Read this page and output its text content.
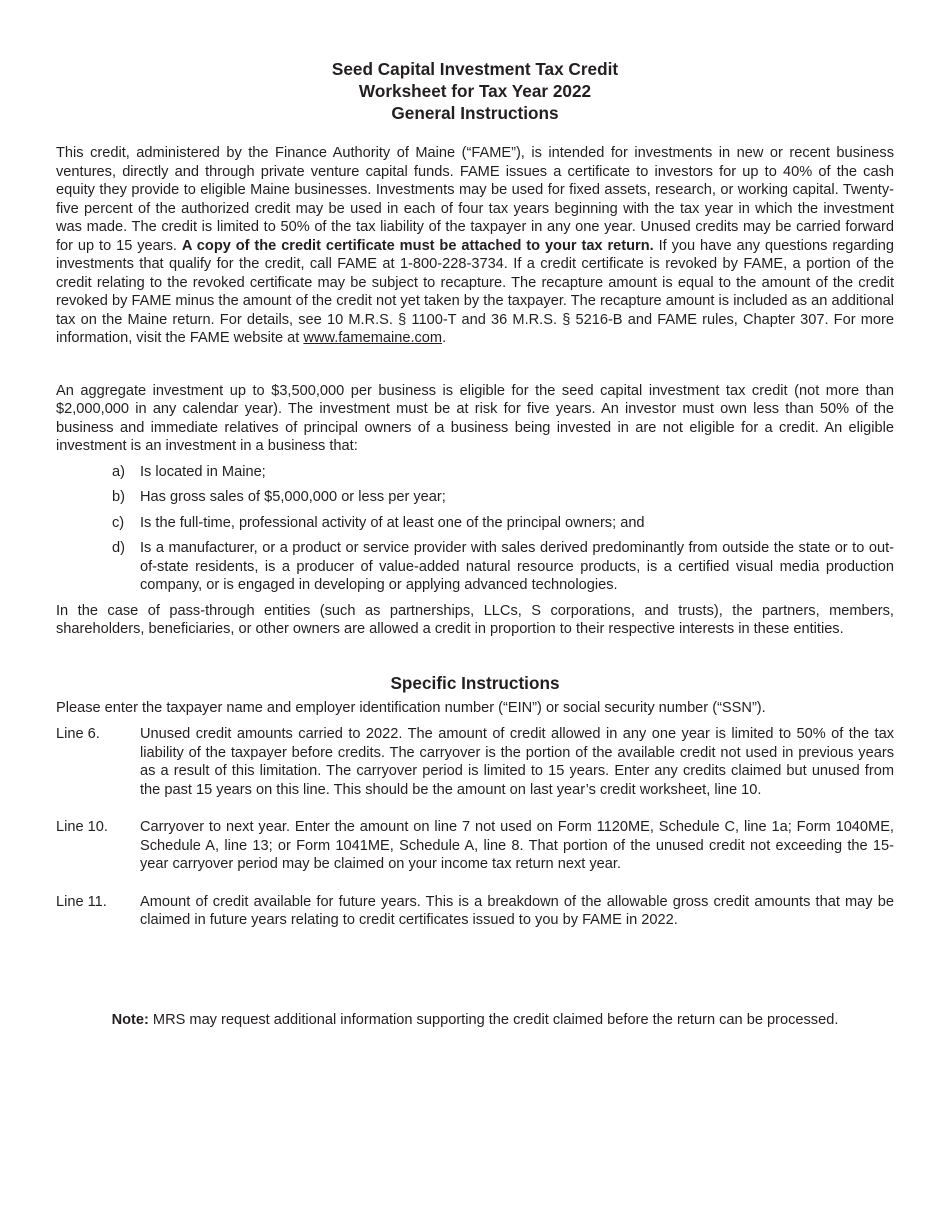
Seed Capital Investment Tax Credit
Worksheet for Tax Year 2022
General Instructions

This credit, administered by the Finance Authority of Maine (“FAME”), is intended for investments in new or recent business ventures, directly and through private venture capital funds. FAME issues a certificate to investors for up to 40% of the cash equity they provide to eligible Maine businesses. Investments may be used for fixed assets, research, or working capital. Twenty-five percent of the authorized credit may be used in each of four tax years beginning with the tax year in which the investment was made. The credit is limited to 50% of the tax liability of the taxpayer in any one year. Unused credits may be carried forward for up to 15 years. A copy of the credit certificate must be attached to your tax return. If you have any questions regarding investments that qualify for the credit, call FAME at 1-800-228-3734. If a credit certificate is revoked by FAME, a portion of the credit relating to the revoked certificate may be subject to recapture. The recapture amount is equal to the amount of the credit revoked by FAME minus the amount of the credit not yet taken by the taxpayer. The recapture amount is included as an additional tax on the Maine return. For details, see 10 M.R.S. § 1100-T and 36 M.R.S. § 5216-B and FAME rules, Chapter 307. For more information, visit the FAME website at www.famemaine.com.

An aggregate investment up to $3,500,000 per business is eligible for the seed capital investment tax credit (not more than $2,000,000 in any calendar year). The investment must be at risk for five years. An investor must own less than 50% of the business and immediate relatives of principal owners of a business being invested in are not eligible for a credit. An eligible investment is an investment in a business that:

a)	Is located in Maine;
b)	Has gross sales of $5,000,000 or less per year;
c)	Is the full-time, professional activity of at least one of the principal owners; and
d)	Is a manufacturer, or a product or service provider with sales derived predominantly from outside the state or to out-of-state residents, is a producer of value-added natural resource products, is a certified visual media production company, or is engaged in developing or applying advanced technologies.

In the case of pass-through entities (such as partnerships, LLCs, S corporations, and trusts), the partners, members, shareholders, beneficiaries, or other owners are allowed a credit in proportion to their respective interests in these entities.

Specific Instructions

Please enter the taxpayer name and employer identification number (“EIN”) or social security number (“SSN”).

Line 6.	Unused credit amounts carried to 2022. The amount of credit allowed in any one year is limited to 50% of the tax liability of the taxpayer before credits. The carryover is the portion of the available credit not used in previous years as a result of this limitation. The carryover period is limited to 15 years. Enter any credits claimed but unused from the past 15 years on this line. This should be the amount on last year’s credit worksheet, line 10.
Line 10.	Carryover to next year. Enter the amount on line 7 not used on Form 1120ME, Schedule C, line 1a; Form 1040ME, Schedule A, line 13; or Form 1041ME, Schedule A, line 8. That portion of the unused credit not exceeding the 15-year carryover period may be claimed on your income tax return next year.
Line 11.	Amount of credit available for future years. This is a breakdown of the allowable gross credit amounts that may be claimed in future years relating to credit certificates issued to you by FAME in 2022.
Note: MRS may request additional information supporting the credit claimed before the return can be processed.
